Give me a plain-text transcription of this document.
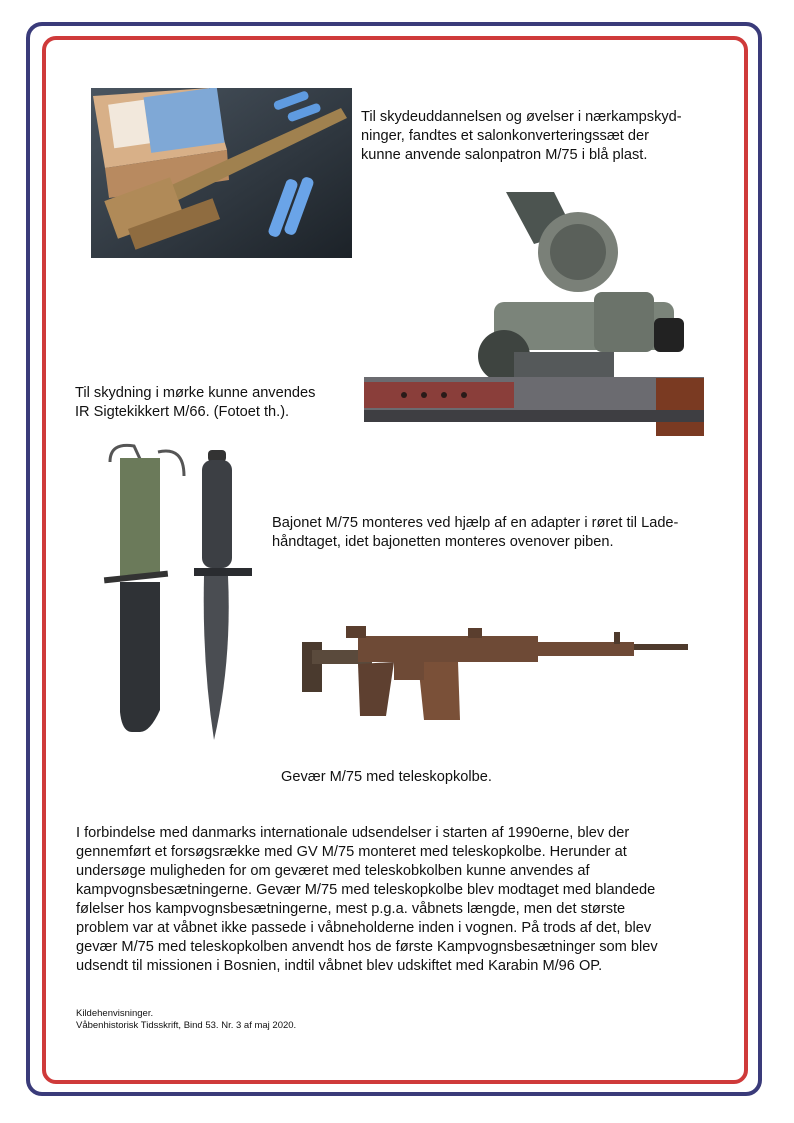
Til skydeuddannelsen og øvelser i nærkampskyd-
ninger, fandtes et salonkonverteringssæt der
kunne anvende salonpatron M/75 i blå plast.

Til skydning i mørke kunne anvendes
IR Sigtekikkert M/66. (Fotoet th.).

Bajonet M/75 monteres ved hjælp af en adapter i røret til Lade-
håndtaget, idet bajonetten monteres ovenover piben.

Gevær M/75 med teleskopkolbe.

I forbindelse med danmarks internationale udsendelser i starten af 1990erne, blev der
gennemført et forsøgsrække med GV M/75 monteret med teleskopkolbe. Herunder at
undersøge muligheden for om geværet med teleskobkolben kunne anvendes af
kampvognsbesætningerne. Gevær M/75 med teleskopkolbe blev modtaget med blandede
følelser hos kampvognsbesætningerne, mest p.g.a. våbnets længde, men det største
problem var at våbnet ikke passede i våbneholderne inden i vognen. På trods af det, blev
gevær M/75 med teleskopkolben anvendt hos de første Kampvognsbesætninger som blev
udsendt til missionen i Bosnien, indtil våbnet blev udskiftet med Karabin M/96 OP.
Kildehenvisninger.
Våbenhistorisk Tidsskrift, Bind 53. Nr. 3 af maj 2020.
